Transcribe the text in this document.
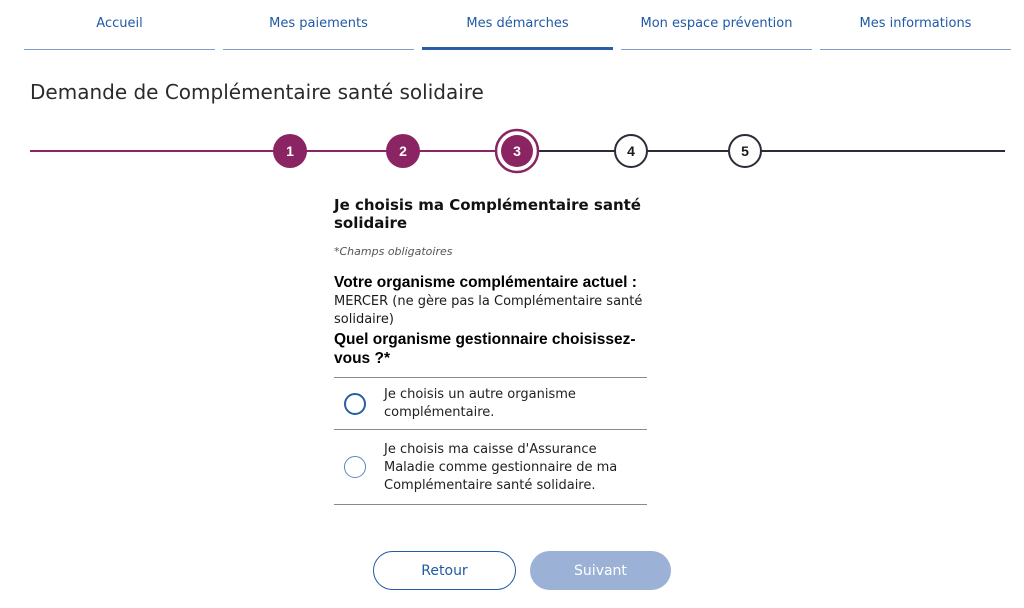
Accueil	Mes paiements	Mes démarches	Mon espace prévention	Mes informations
Demande de Complémentaire santé solidaire
1	2	3	4	5
Je choisis ma Complémentaire santé solidaire
*Champs obligatoires
Votre organisme complémentaire actuel :
MERCER (ne gère pas la Complémentaire santé solidaire)
Quel organisme gestionnaire choisissez-vous ?*
Je choisis un autre organisme complémentaire.
Je choisis ma caisse d'Assurance Maladie comme gestionnaire de ma Complémentaire santé solidaire.
Retour	Suivant
